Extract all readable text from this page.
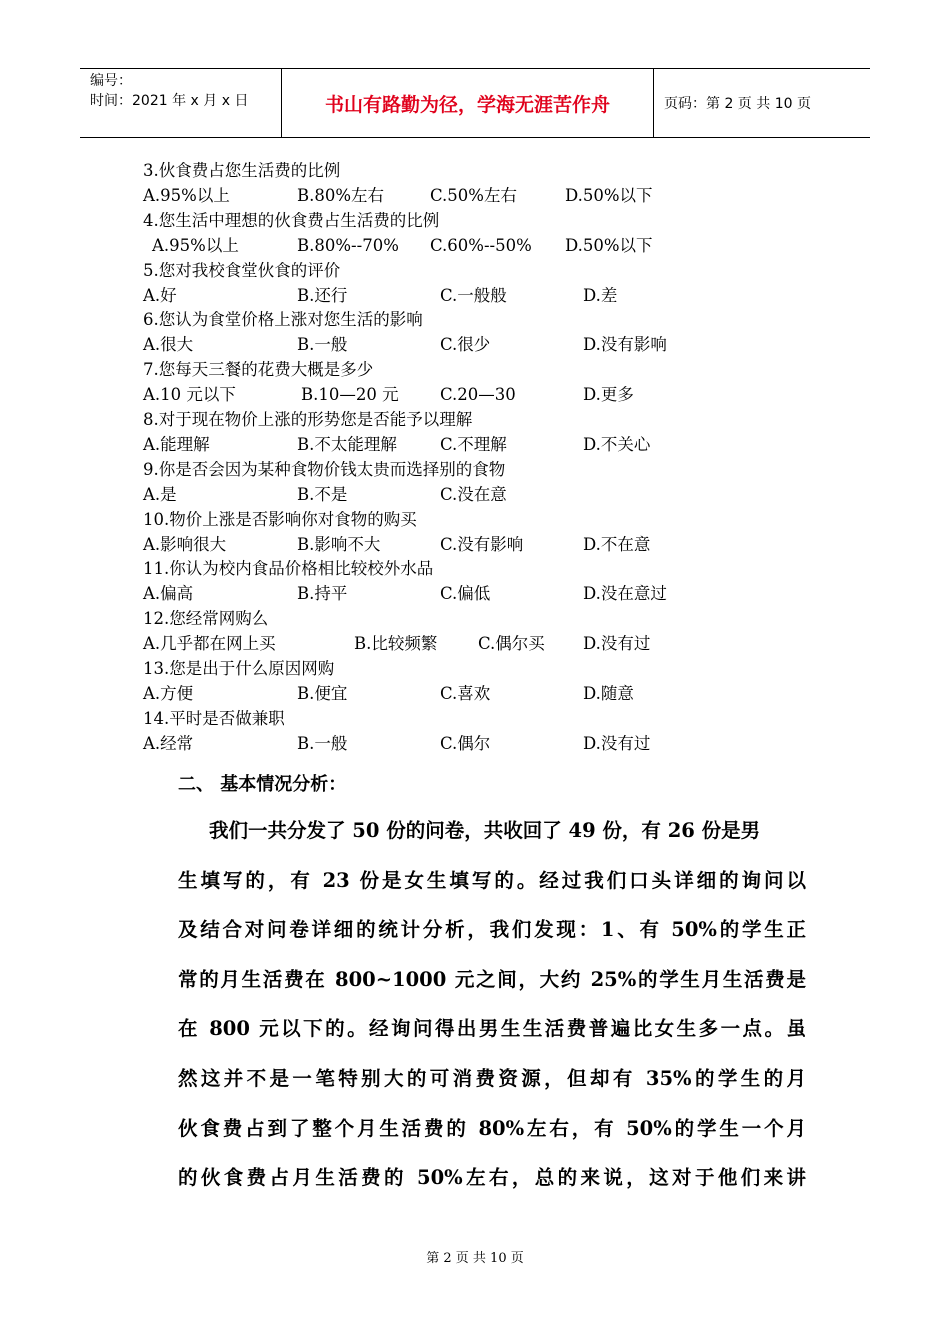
编号：
时间：2021 年 x 月 x 日	书山有路勤为径，学海无涯苦作舟	页码：第 2 页 共 10 页
3.伙食费占您生活费的比例
A.95%以上	B.80%左右	C.50%左右	D.50%以下
4.您生活中理想的伙食费占生活费的比例
A.95%以上	B.80%--70% C.60%--50% D.50%以下
5.您对我校食堂伙食的评价
A.好	B.还行	C.一般般	D.差
6.您认为食堂价格上涨对您生活的影响
A.很大	B.一般	C.很少	D.没有影响
7.您每天三餐的花费大概是多少
A.10 元以下	B.10—20 元	C.20—30	D.更多
8.对于现在物价上涨的形势您是否能予以理解
A.能理解	B.不太能理解	C.不理解	D.不关心
9.你是否会因为某种食物价钱太贵而选择别的食物
A.是	B.不是	C.没在意
10.物价上涨是否影响你对食物的购买
A.影响很大	B.影响不大	C.没有影响	D.不在意
11.你认为校内食品价格相比较校外水品
A.偏高	B.持平	C.偏低	D.没在意过
12.您经常网购么
A.几乎都在网上买	B.比较频繁 C.偶尔买 D.没有过
13.您是出于什么原因网购
A.方便	B.便宜	C.喜欢	D.随意
14.平时是否做兼职
A.经常	B.一般	C.偶尔	D.没有过
二、 基本情况分析：
我们一共分发了 50 份的问卷，共收回了 49 份，有 26 份是男
生填写的，有 23 份是女生填写的。经过我们口头详细的询问以
及结合对问卷详细的统计分析，我们发现：1、有 50%的学生正
常的月生活费在 800~1000 元之间，大约 25%的学生月生活费是
在 800 元以下的。经询问得出男生生活费普遍比女生多一点。虽
然这并不是一笔特别大的可消费资源，但却有 35%的学生的月
伙食费占到了整个月生活费的 80%左右，有 50%的学生一个月
的伙食费占月生活费的 50%左右，总的来说，这对于他们来讲
第 2 页 共 10 页
